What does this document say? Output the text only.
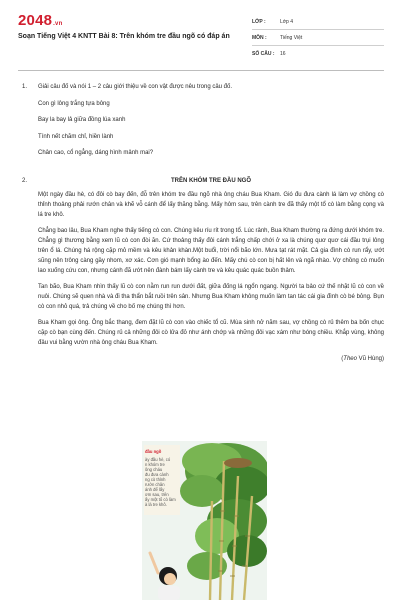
2048.vn
Soạn Tiếng Việt 4 KNTT Bài 8: Trên khóm tre đầu ngõ có đáp án
LỚP :	Lớp 4
MÔN :	Tiếng Việt
SỐ CÂU :	16
1. Giải câu đố và nói 1 – 2 câu giới thiệu về con vật được nêu trong câu đố.
Con gì lông trắng tựa bông
Bay la bay lả giữa đồng lúa xanh
Tính nết chăm chỉ, hiền lành
Chân cao, cổ ngẳng, dáng hình mảnh mai?
2.	TRÊN KHÓM TRE ĐẦU NGÕ

Một ngày đầu hè, có đôi cò bay đến, đỗ trên khóm tre đầu ngõ nhà ông cháu Bua Kham. Gió đu đưa cành lá làm vợ chồng cò thỉnh thoảng phải rướn chân và khẽ vỗ cánh để lấy thăng bằng. Mấy hôm sau, trên cành tre đã thấy một tổ cò làm bằng cọng và lá tre khô.

Chẳng bao lâu, Bua Kham nghe thấy tiếng cò con. Chúng kêu ríu rít trong tổ. Lúc rảnh, Bua Kham thường ra đứng dưới khóm tre. Chẳng gì thương bằng xem lũ cò con đòi ăn. Cứ thoảng thấy đôi cánh trắng chấp chới ở xa là chúng quơ quơ cái đầu trụi lông trên ổ lá. Chúng há rộng cặp mỏ mềm và kêu khản khàn.Một buổi, trời nổi bão lớn. Mưa tạt rát mặt. Cả gia đình cò run rẩy, ướt sũng nên trông càng gầy nhom, xơ xác. Cơn gió mạnh bổng ào đến. Mấy chú cò con bị hất lên và ngã nhào. Vợ chồng cò muốn lao xuống cứu con, nhưng cánh đã ướt nên đành bám lấy cành tre và kêu quác quác buồn thảm.

Tan bão, Bua Kham nhìn thấy lũ cò con nằm run run dưới đất, giữa đống lá ngổn ngang. Người ta bảo cứ thế nhặt lũ cò con về nuôi. Chúng sẽ quen nhà và đi tha thẩn bắt ruồi trên sân. Nhưng Bua Kham không muốn làm tan tác cái gia đình cò bé bỏng. Bụn cò con nhỏ quá, trả chúng về cho bố mẹ chúng thì hơn.

Bua Kham gọi ông. Ông bắc thang, đem đặt lũ cò con vào chiếc tổ cũ. Mùa sinh nở năm sau, vợ chồng cò rủ thêm ba bốn chục cặp cò bạn cùng đến. Chúng rủ cả những đôi cò lửa đỏ như ánh chớp và những đôi vạc xám như bóng chiều. Khắp vùng, không đâu vui bằng vườn nhà ông cháu Bua Kham.

(Theo Vũ Hùng)
đầu ngõ
ày đầu hè, có
n khóm tre
ông cháu
đu đưa cành
ng cò thỉnh
rướn chân
ánh để lấy
ơm sau, trên
ấy một tổ cò làm
à lá tre khô.
